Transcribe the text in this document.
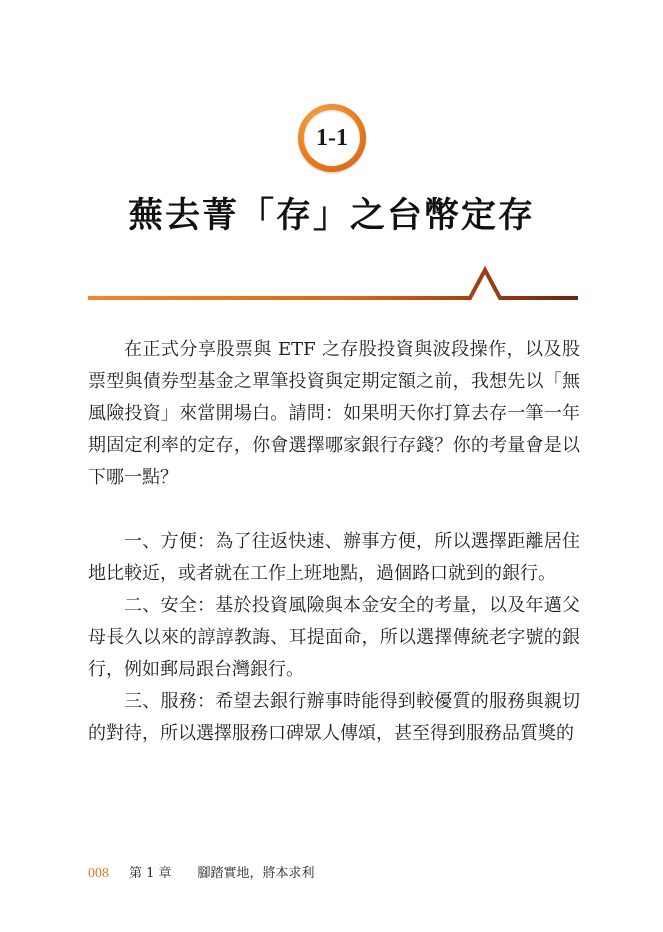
1-1
蕪去菁「存」之台幣定存

在正式分享股票與 ETF 之存股投資與波段操作，以及股票型與債券型基金之單筆投資與定期定額之前，我想先以「無風險投資」來當開場白。請問：如果明天你打算去存一筆一年期固定利率的定存，你會選擇哪家銀行存錢？你的考量會是以下哪一點？

一、方便：為了往返快速、辦事方便，所以選擇距離居住地比較近，或者就在工作上班地點，過個路口就到的銀行。

二、安全：基於投資風險與本金安全的考量，以及年邁父母長久以來的諄諄教誨、耳提面命，所以選擇傳統老字號的銀行，例如郵局跟台灣銀行。

三、服務：希望去銀行辦事時能得到較優質的服務與親切的對待，所以選擇服務口碑眾人傳頌，甚至得到服務品質獎的

008 第 1 章 腳踏實地，將本求利
